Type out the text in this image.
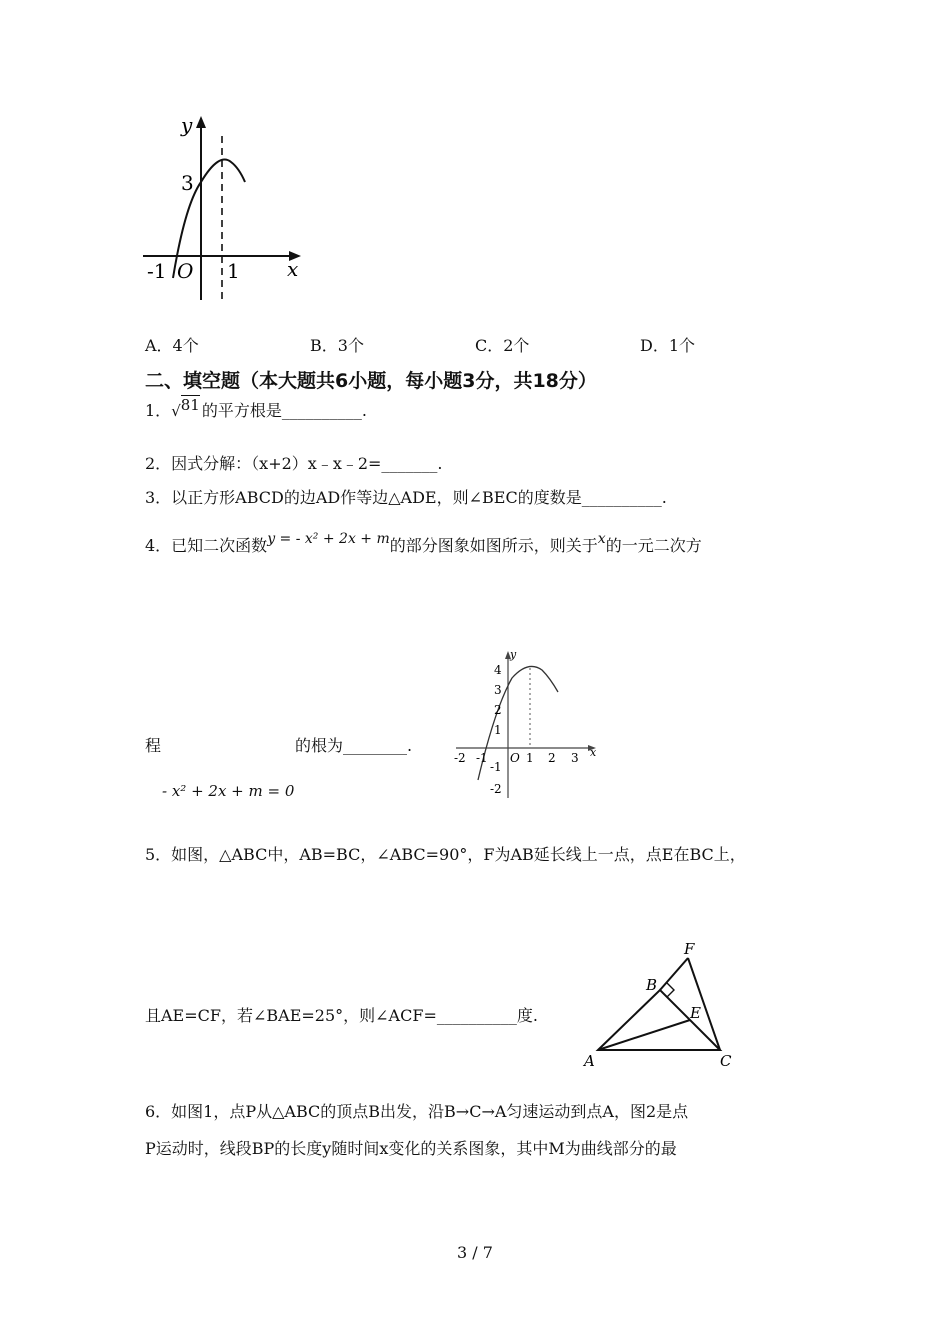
y
x
3
-1 O 1
A．4个	B．3个	C．2个	D．1个
二、填空题（本大题共6小题，每小题3分，共18分）
1．√81 的平方根是__________.
2．因式分解：（x+2）x﹣x﹣2=_______.
3．以正方形ABCD的边AD作等边△ADE，则∠BEC的度数是__________.
4．已知二次函数y = - x² + 2x + m的部分图象如图所示，则关于x的一元二次方
程	的根为________.
- x² + 2x + m = 0
y
x
4
3
2
1
-1
-2
-2 -1 O 1 2 3
5．如图，△ABC中，AB=BC，∠ABC=90°，F为AB延长线上一点，点E在BC上，
且AE=CF，若∠BAE=25°，则∠ACF=__________度.
F
B
E
A	C
6．如图1，点P从△ABC的顶点B出发，沿B→C→A匀速运动到点A，图2是点
P运动时，线段BP的长度y随时间x变化的关系图象，其中M为曲线部分的最
3 / 7
